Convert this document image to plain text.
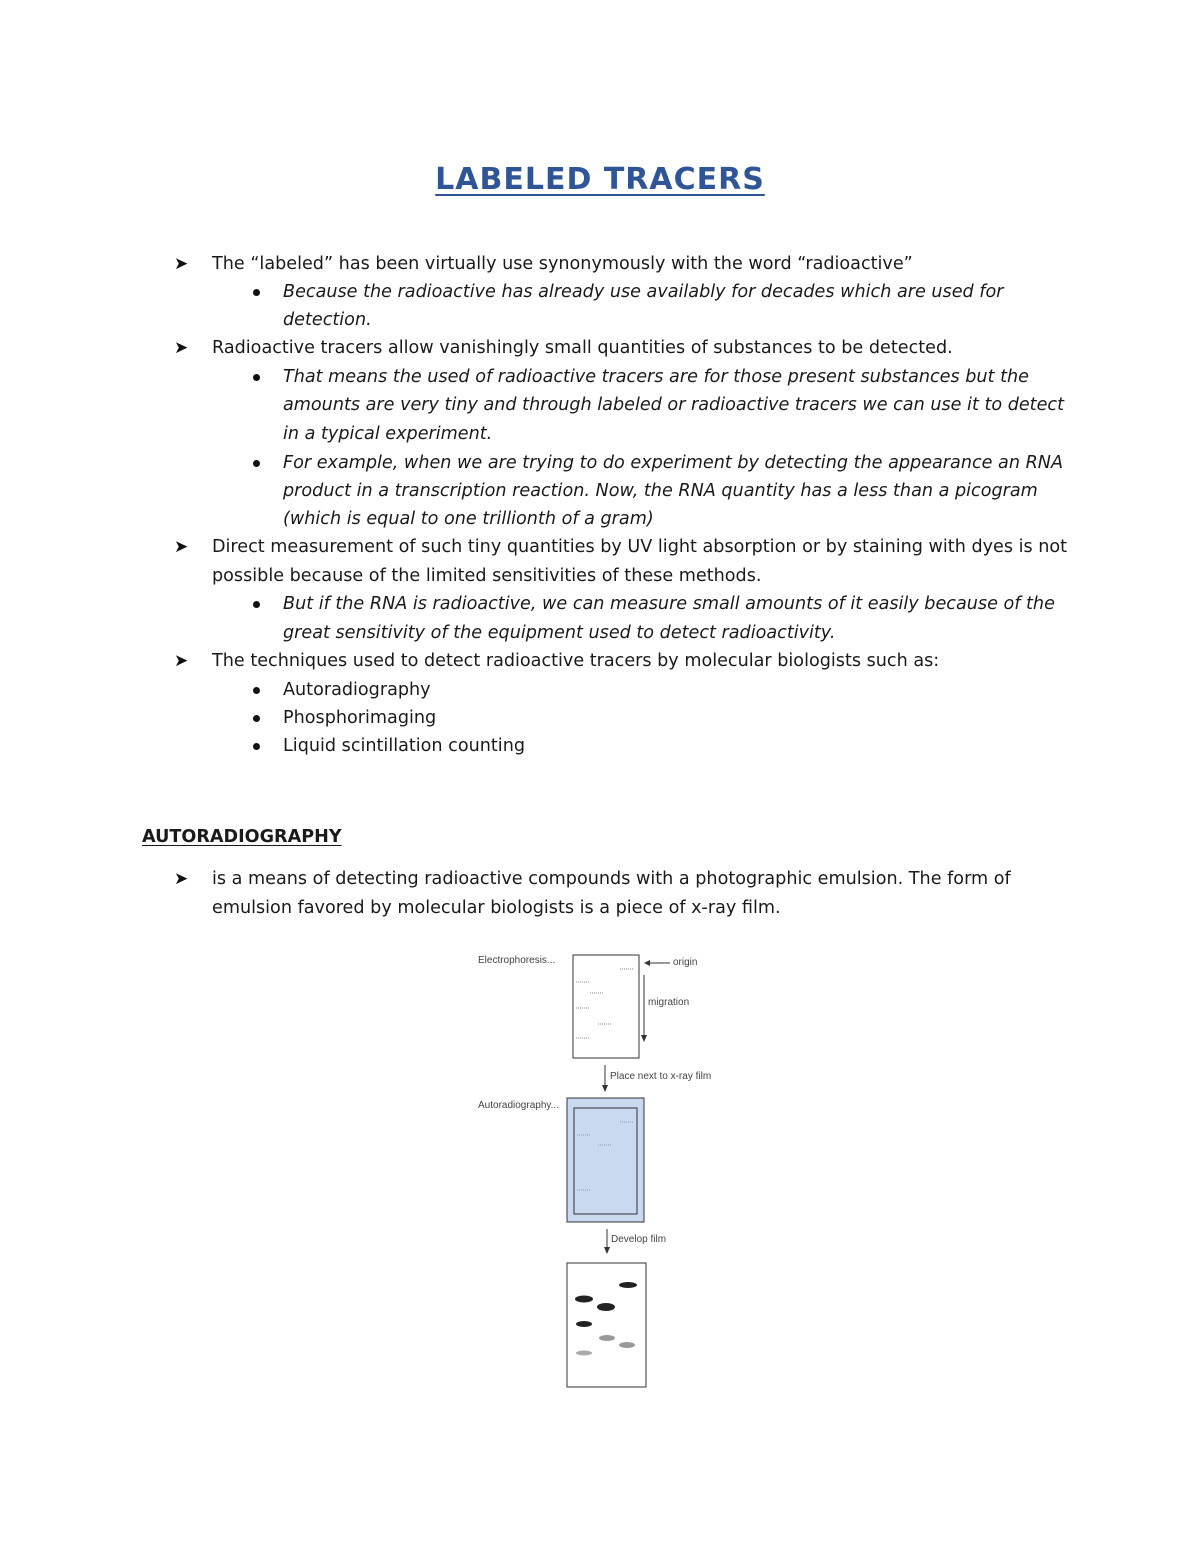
LABELED TRACERS
➤	The “labeled” has been virtually use synonymously with the word “radioactive”
Because the radioactive has already use availably for decades which are used for
detection.
➤	Radioactive tracers allow vanishingly small quantities of substances to be detected.
That means the used of radioactive tracers are for those present substances but the
amounts are very tiny and through labeled or radioactive tracers we can use it to detect
in a typical experiment.
For example, when we are trying to do experiment by detecting the appearance an RNA
product in a transcription reaction. Now, the RNA quantity has a less than a picogram
(which is equal to one trillionth of a gram)
➤	Direct measurement of such tiny quantities by UV light absorption or by staining with dyes is not
possible because of the limited sensitivities of these methods.
But if the RNA is radioactive, we can measure small amounts of it easily because of the
great sensitivity of the equipment used to detect radioactivity.
➤	The techniques used to detect radioactive tracers by molecular biologists such as:
Autoradiography
Phosphorimaging
Liquid scintillation counting
AUTORADIOGRAPHY
➤	is a means of detecting radioactive compounds with a photographic emulsion. The form of
emulsion favored by molecular biologists is a piece of x-ray film.
Electrophoresis...	origin
migration
Place next to x-ray film
Autoradiography...
Develop film
